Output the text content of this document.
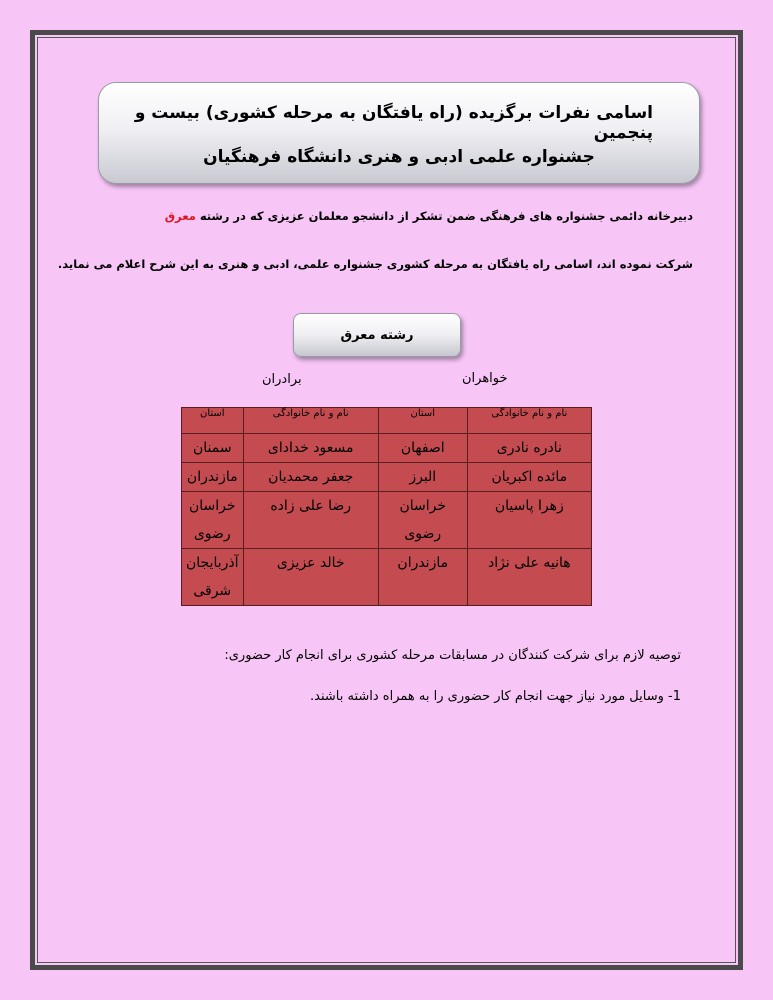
اسامی نفرات برگزیده (راه یافتگان به مرحله کشوری) بیست و پنجمین
جشنواره علمی ادبی و هنری دانشگاه فرهنگیان
دبیرخانه دائمی جشنواره های فرهنگی ضمن تشکر از دانشجو معلمان عزیزی که در رشته معرق
شرکت نموده اند، اسامی راه یافتگان به مرحله کشوری جشنواره علمی، ادبی و هنری به این شرح اعلام می نماید.
رشته معرق
خواهران
برادران
نام و نام خانوادگی	استان	نام و نام خانوادگی	استان
نادره نادری	اصفهان	مسعود خدادای	سمنان
مائده اکبریان	البرز	جعفر محمدیان	مازندران
زهرا پاسیان	خراسان رضوی	رضا علی زاده	خراسان رضوی
هانیه علی نژاد	مازندران	خالد عزیزی	آذربایجان شرقی
توصیه لازم برای شرکت کنندگان در مسابقات مرحله کشوری برای انجام کار حضوری:
1- وسایل مورد نیاز جهت انجام کار حضوری را به همراه داشته باشند.
